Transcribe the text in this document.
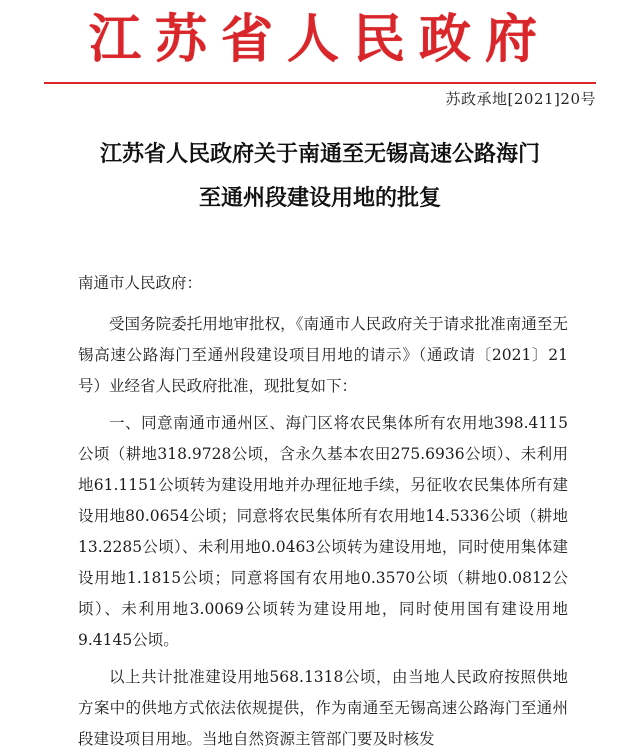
江苏省人民政府
苏政承地[2021]20号
江苏省人民政府关于南通至无锡高速公路海门
至通州段建设用地的批复

南通市人民政府：

受国务院委托用地审批权，《南通市人民政府关于请求批准南通至无锡高速公路海门至通州段建设项目用地的请示》（通政请〔2021〕21号）业经省人民政府批准，现批复如下：

一、同意南通市通州区、海门区将农民集体所有农用地398.4115公顷（耕地318.9728公顷，含永久基本农田275.6936公顷）、未利用地61.1151公顷转为建设用地并办理征地手续，另征收农民集体所有建设用地80.0654公顷；同意将农民集体所有农用地14.5336公顷（耕地13.2285公顷）、未利用地0.0463公顷转为建设用地，同时使用集体建设用地1.1815公顷；同意将国有农用地0.3570公顷（耕地0.0812公顷）、未利用地3.0069公顷转为建设用地，同时使用国有建设用地9.4145公顷。

以上共计批准建设用地568.1318公顷，由当地人民政府按照供地方案中的供地方式依法依规提供，作为南通至无锡高速公路海门至通州段建设项目用地。当地自然资源主管部门要及时核发
